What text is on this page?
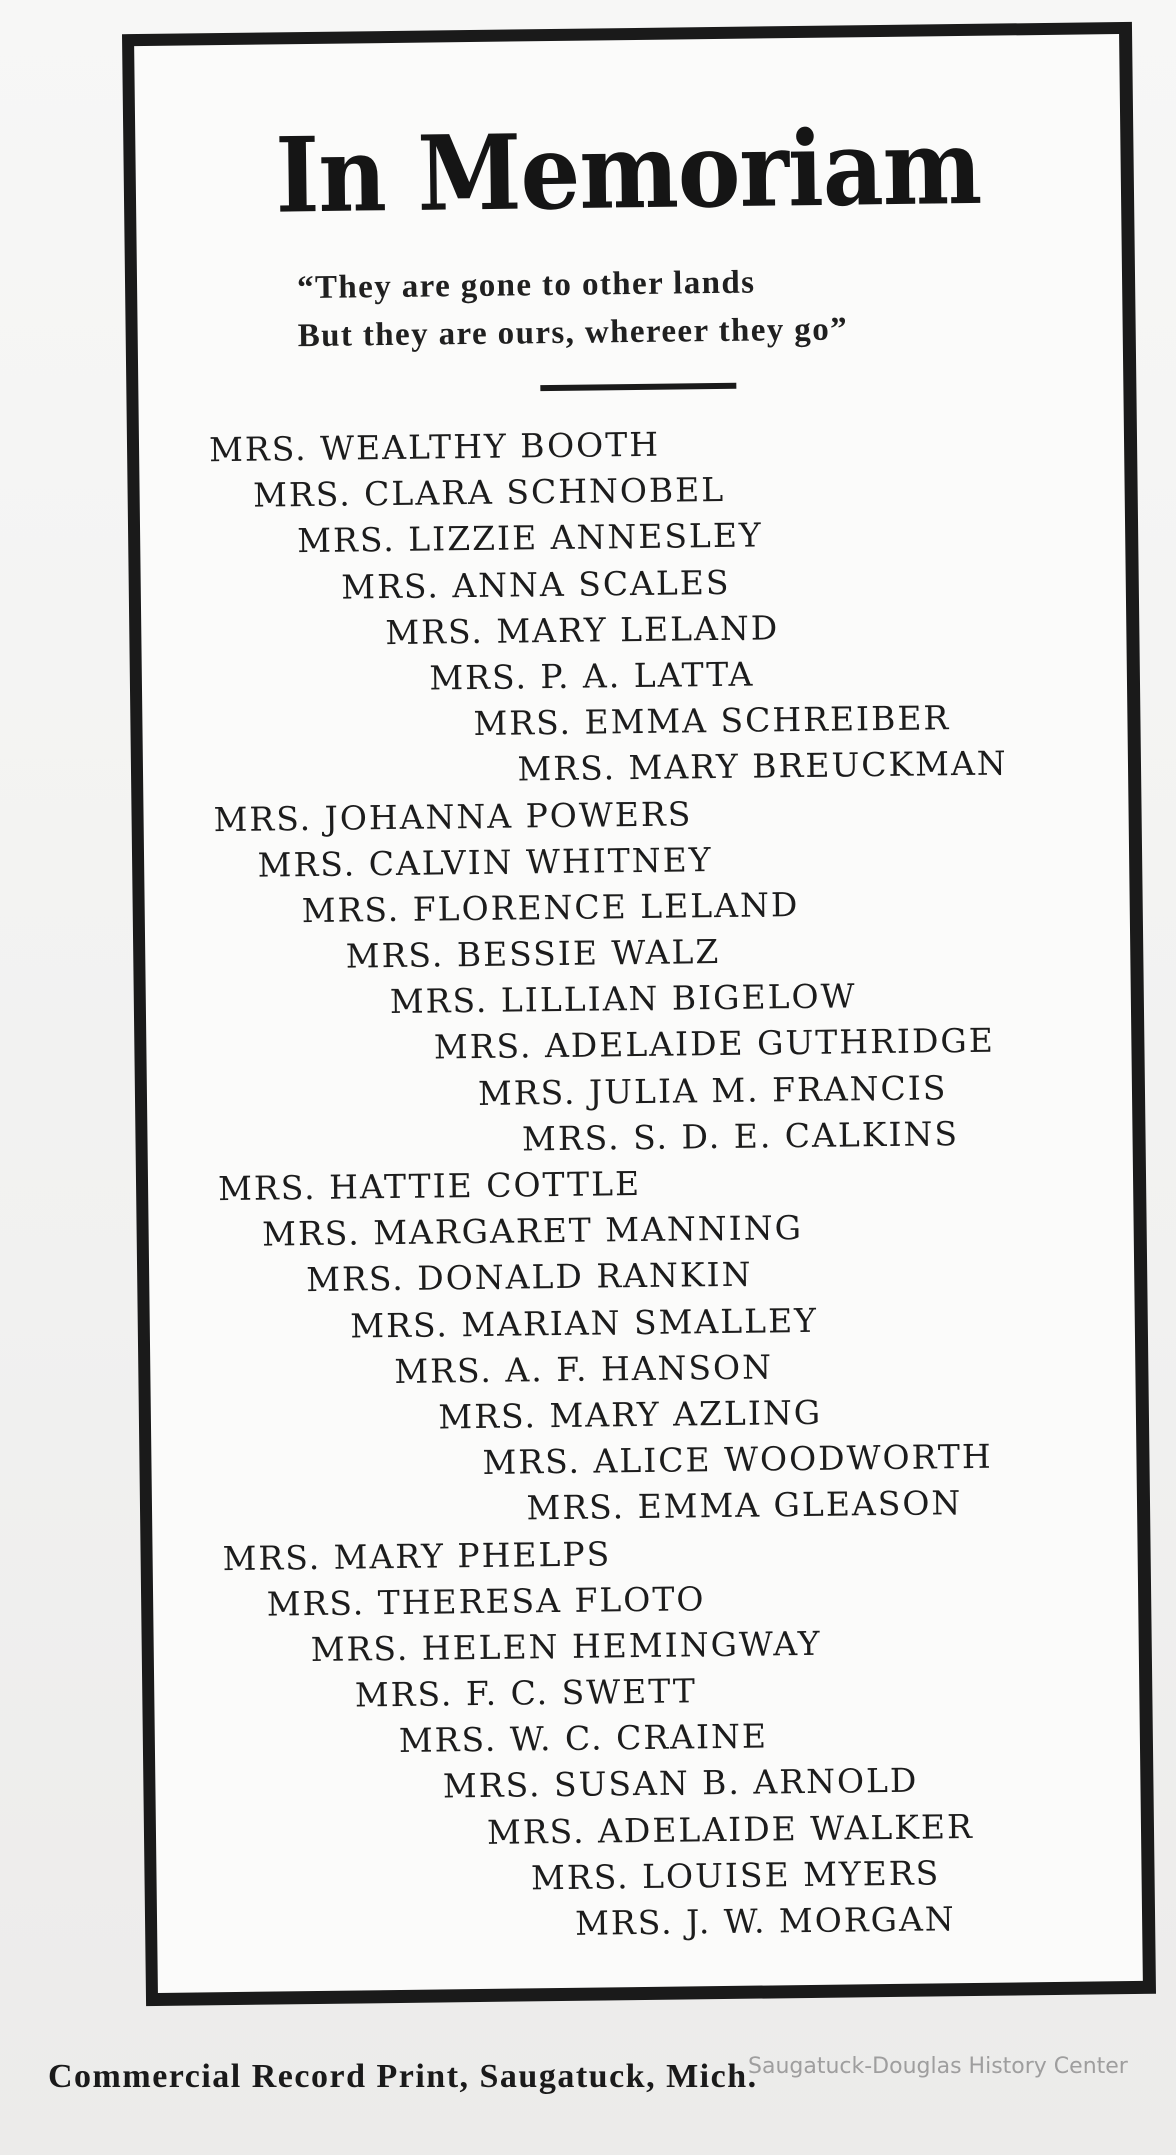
In Memoriam
“They are gone to other lands
But they are ours, whereer they go”
MRS. WEALTHY BOOTH
MRS. CLARA SCHNOBEL
MRS. LIZZIE ANNESLEY
MRS. ANNA SCALES
MRS. MARY LELAND
MRS. P. A. LATTA
MRS. EMMA SCHREIBER
MRS. MARY BREUCKMAN
MRS. JOHANNA POWERS
MRS. CALVIN WHITNEY
MRS. FLORENCE LELAND
MRS. BESSIE WALZ
MRS. LILLIAN BIGELOW
MRS. ADELAIDE GUTHRIDGE
MRS. JULIA M. FRANCIS
MRS. S. D. E. CALKINS
MRS. HATTIE COTTLE
MRS. MARGARET MANNING
MRS. DONALD RANKIN
MRS. MARIAN SMALLEY
MRS. A. F. HANSON
MRS. MARY AZLING
MRS. ALICE WOODWORTH
MRS. EMMA GLEASON
MRS. MARY PHELPS
MRS. THERESA FLOTO
MRS. HELEN HEMINGWAY
MRS. F. C. SWETT
MRS. W. C. CRAINE
MRS. SUSAN B. ARNOLD
MRS. ADELAIDE WALKER
MRS. LOUISE MYERS
MRS. J. W. MORGAN
Commercial Record Print, Saugatuck, Mich.
Saugatuck-Douglas History Center
